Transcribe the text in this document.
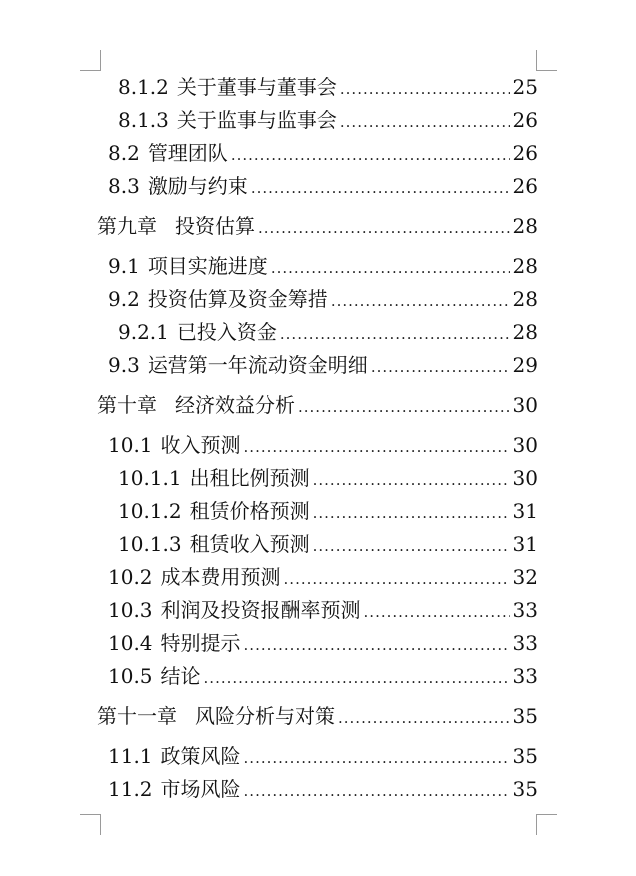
8.1.2 关于董事与董事会 .....	25
8.1.3 关于监事与监事会 .....	26
8.2 管理团队 .....	26
8.3 激励与约束 .....	26
第九章 投资估算 .....	28
9.1 项目实施进度 .....	28
9.2 投资估算及资金筹措 .....	28
9.2.1 已投入资金 .....	28
9.3 运营第一年流动资金明细 .....	29
第十章 经济效益分析 .....	30
10.1 收入预测 .....	30
10.1.1 出租比例预测 .....	30
10.1.2 租赁价格预测 .....	31
10.1.3 租赁收入预测 .....	31
10.2 成本费用预测 .....	32
10.3 利润及投资报酬率预测 .....	33
10.4 特别提示 .....	33
10.5 结论 .....	33
第十一章 风险分析与对策 .....	35
11.1 政策风险 .....	35
11.2 市场风险 .....	35
